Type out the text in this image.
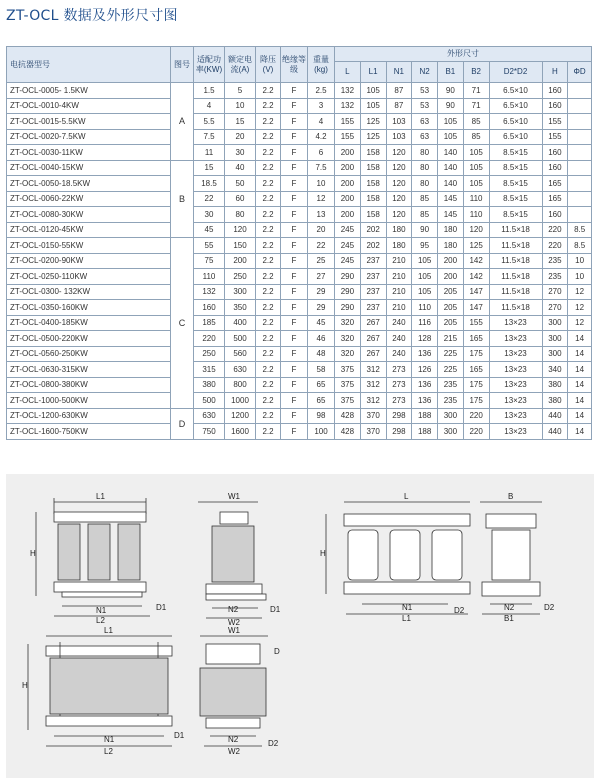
ZT-OCL 数据及外形尺寸图
电抗器型号	图号	适配功率(KW)	额定电流(A)	降压(V)	绝缘等级	重量(kg)	外形尺寸								
							L	L1	N1	N2	B1	B2	D2*D2	H	ΦD
ZT-OCL-0005- 1.5KW	A	1.5	5	2.2	F	2.5	132	105	87	53	90	71	6.5×10	160	
ZT-OCL-0010-4KW		4	10	2.2	F	3	132	105	87	53	90	71	6.5×10	160	
ZT-OCL-0015-5.5KW		5.5	15	2.2	F	4	155	125	103	63	105	85	6.5×10	155	
ZT-OCL-0020-7.5KW		7.5	20	2.2	F	4.2	155	125	103	63	105	85	6.5×10	155	
ZT-OCL-0030-11KW		11	30	2.2	F	6	200	158	120	80	140	105	8.5×15	160	
ZT-OCL-0040-15KW	B	15	40	2.2	F	7.5	200	158	120	80	140	105	8.5×15	160	
ZT-OCL-0050-18.5KW		18.5	50	2.2	F	10	200	158	120	80	140	105	8.5×15	165	
ZT-OCL-0060-22KW		22	60	2.2	F	12	200	158	120	85	145	110	8.5×15	165	
ZT-OCL-0080-30KW		30	80	2.2	F	13	200	158	120	85	145	110	8.5×15	160	
ZT-OCL-0120-45KW		45	120	2.2	F	20	245	202	180	90	180	120	11.5×18	220	8.5
ZT-OCL-0150-55KW	C	55	150	2.2	F	22	245	202	180	95	180	125	11.5×18	220	8.5
ZT-OCL-0200-90KW		75	200	2.2	F	25	245	237	210	105	200	142	11.5×18	235	10
ZT-OCL-0250-110KW		110	250	2.2	F	27	290	237	210	105	200	142	11.5×18	235	10
ZT-OCL-0300- 132KW		132	300	2.2	F	29	290	237	210	105	205	147	11.5×18	270	12
ZT-OCL-0350-160KW		160	350	2.2	F	29	290	237	210	110	205	147	11.5×18	270	12
ZT-OCL-0400-185KW		185	400	2.2	F	45	320	267	240	116	205	155	13×23	300	12
ZT-OCL-0500-220KW		220	500	2.2	F	46	320	267	240	128	215	165	13×23	300	14
ZT-OCL-0560-250KW		250	560	2.2	F	48	320	267	240	136	225	175	13×23	300	14
ZT-OCL-0630-315KW		315	630	2.2	F	58	375	312	273	126	225	165	13×23	340	14
ZT-OCL-0800-380KW		380	800	2.2	F	65	375	312	273	136	235	175	13×23	380	14
ZT-OCL-1000-500KW		500	1000	2.2	F	65	375	312	273	136	235	175	13×23	380	14
ZT-OCL-1200-630KW	D	630	1200	2.2	F	98	428	370	298	188	300	220	13×23	440	14
ZT-OCL-1600-750KW		750	1600	2.2	F	100	428	370	298	188	300	220	13×23	440	14
L1
H
N1
L2
D1
W1
N2
W2
D1
L
H
N1
L1
D2
B
N2
B1
D2
L1
H
N1
L2
D1
W1
D
N2
W2
D2
